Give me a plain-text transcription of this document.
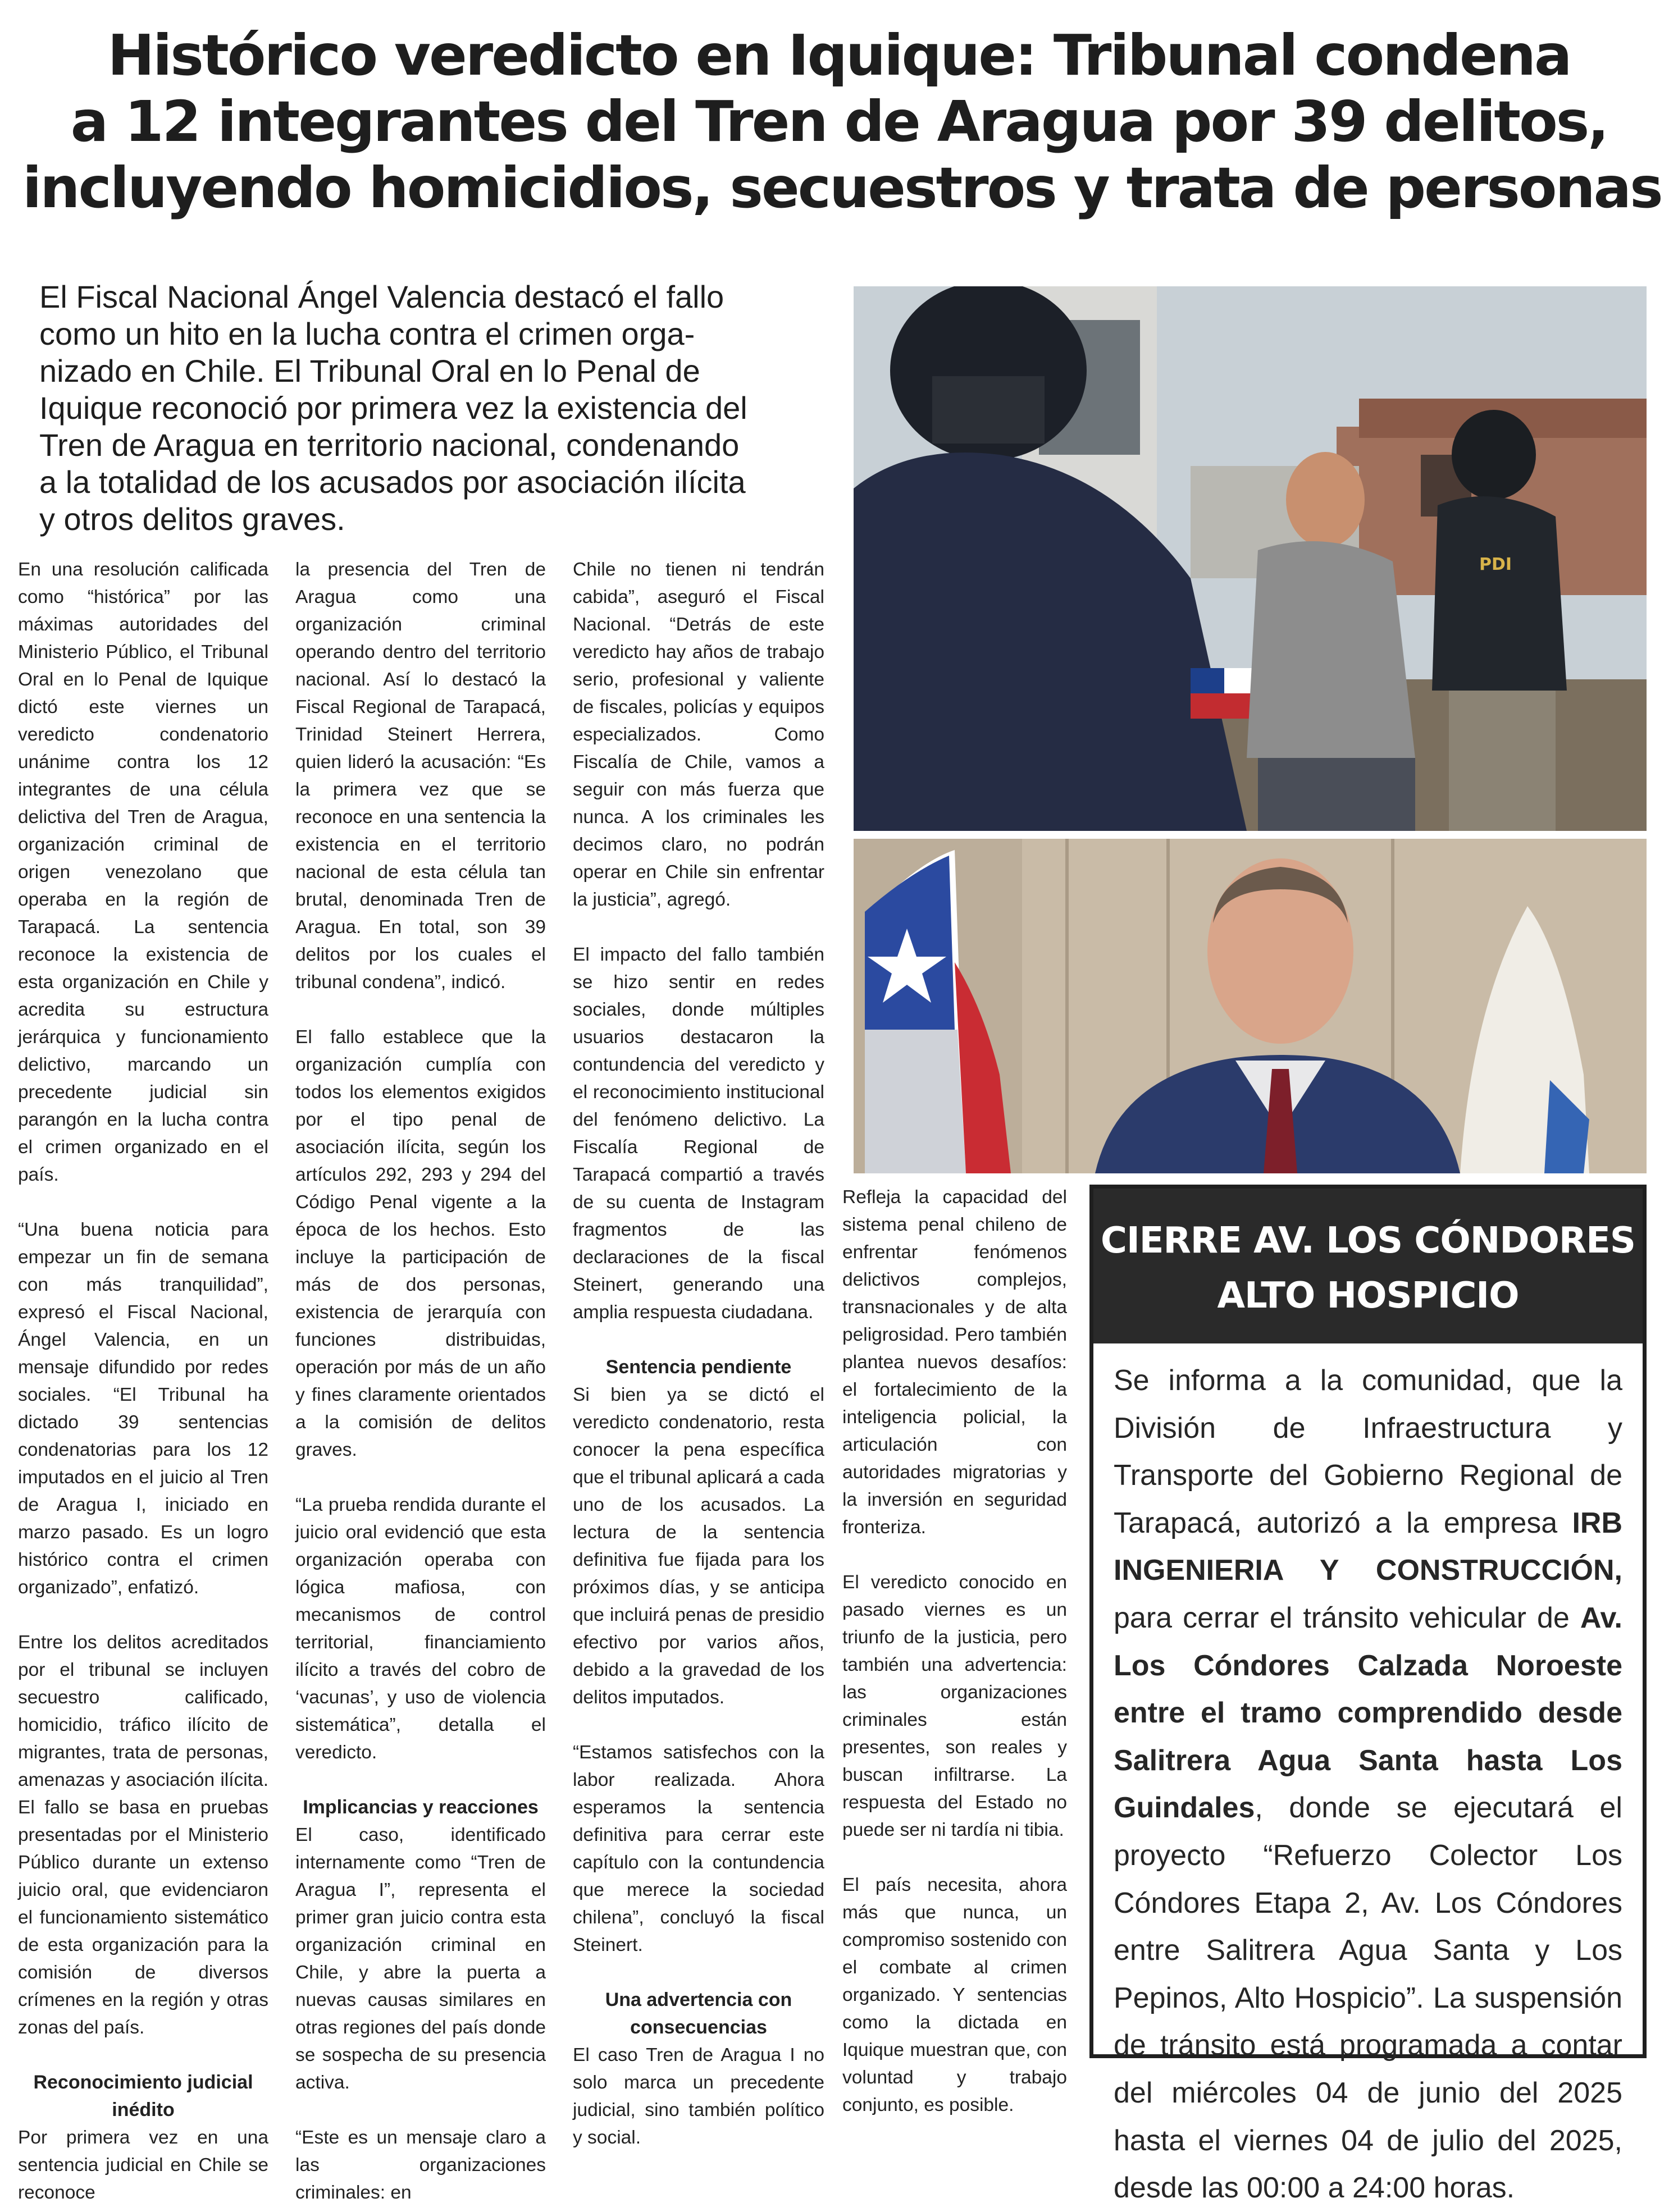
Histórico veredicto en Iquique: Tribunal condena
a 12 integrantes del Tren de Aragua por 39 delitos,
incluyendo homicidios, secuestros y trata de personas
El Fiscal Nacional Ángel Valencia destacó el fallo
como un hito en la lucha contra el crimen orga-
nizado en Chile. El Tribunal Oral en lo Penal de
Iquique reconoció por primera vez la existencia del
Tren de Aragua en territorio nacional, condenando
a la totalidad de los acusados por asociación ilícita
y otros delitos graves.

En una resolución calificada como “histórica” por las máximas autoridades del Ministerio Público, el Tribunal Oral en lo Penal de Iquique dictó este viernes un veredicto condenatorio unánime contra los 12 integrantes de una célula delictiva del Tren de Aragua, organización criminal de origen venezolano que operaba en la región de Tarapacá. La sentencia reconoce la existencia de esta organización en Chile y acredita su estructura jerárquica y funcionamiento delictivo, marcando un precedente judicial sin parangón en la lucha contra el crimen organizado en el país.

“Una buena noticia para empezar un fin de semana con más tranquilidad”, expresó el Fiscal Nacional, Ángel Valencia, en un mensaje difundido por redes sociales. “El Tribunal ha dictado 39 sentencias condenatorias para los 12 imputados en el juicio al Tren de Aragua I, iniciado en marzo pasado. Es un logro histórico contra el crimen organizado”, enfatizó.

Entre los delitos acreditados por el tribunal se incluyen secuestro calificado, homicidio, tráfico ilícito de migrantes, trata de personas, amenazas y asociación ilícita. El fallo se basa en pruebas presentadas por el Ministerio Público durante un extenso juicio oral, que evidenciaron el funcionamiento sistemático de esta organización para la comisión de diversos crímenes en la región y otras zonas del país.

Reconocimiento judicial inédito

Por primera vez en una sentencia judicial en Chile se reconoce

la presencia del Tren de Aragua como una organización criminal operando dentro del territorio nacional. Así lo destacó la Fiscal Regional de Tarapacá, Trinidad Steinert Herrera, quien lideró la acusación: “Es la primera vez que se reconoce en una sentencia la existencia en el territorio nacional de esta célula tan brutal, denominada Tren de Aragua. En total, son 39 delitos por los cuales el tribunal condena”, indicó.

El fallo establece que la organización cumplía con todos los elementos exigidos por el tipo penal de asociación ilícita, según los artículos 292, 293 y 294 del Código Penal vigente a la época de los hechos. Esto incluye la participación de más de dos personas, existencia de jerarquía con funciones distribuidas, operación por más de un año y fines claramente orientados a la comisión de delitos graves.

“La prueba rendida durante el juicio oral evidenció que esta organización operaba con lógica mafiosa, con mecanismos de control territorial, financiamiento ilícito a través del cobro de ‘vacunas’, y uso de violencia sistemática”, detalla el veredicto.

Implicancias y reacciones

El caso, identificado internamente como “Tren de Aragua I”, representa el primer gran juicio contra esta organización criminal en Chile, y abre la puerta a nuevas causas similares en otras regiones del país donde se sospecha de su presencia activa.

“Este es un mensaje claro a las organizaciones criminales: en

Chile no tienen ni tendrán cabida”, aseguró el Fiscal Nacional. “Detrás de este veredicto hay años de trabajo serio, profesional y valiente de fiscales, policías y equipos especializados. Como Fiscalía de Chile, vamos a seguir con más fuerza que nunca. A los criminales les decimos claro, no podrán operar en Chile sin enfrentar la justicia”, agregó.

El impacto del fallo también se hizo sentir en redes sociales, donde múltiples usuarios destacaron la contundencia del veredicto y el reconocimiento institucional del fenómeno delictivo. La Fiscalía Regional de Tarapacá compartió a través de su cuenta de Instagram fragmentos de las declaraciones de la fiscal Steinert, generando una amplia respuesta ciudadana.

Sentencia pendiente

Si bien ya se dictó el veredicto condenatorio, resta conocer la pena específica que el tribunal aplicará a cada uno de los acusados. La lectura de la sentencia definitiva fue fijada para los próximos días, y se anticipa que incluirá penas de presidio efectivo por varios años, debido a la gravedad de los delitos imputados.

“Estamos satisfechos con la labor realizada. Ahora esperamos la sentencia definitiva para cerrar este capítulo con la contundencia que merece la sociedad chilena”, concluyó la fiscal Steinert.

Una advertencia con consecuencias

El caso Tren de Aragua I no solo marca un precedente judicial, sino también político y social.

Refleja la capacidad del sistema penal chileno de enfrentar fenómenos delictivos complejos, transnacionales y de alta peligrosidad. Pero también plantea nuevos desafíos: el fortalecimiento de la inteligencia policial, la articulación con autoridades migratorias y la inversión en seguridad fronteriza.

El veredicto conocido en pasado viernes es un triunfo de la justicia, pero también una advertencia: las organizaciones criminales están presentes, son reales y buscan infiltrarse. La respuesta del Estado no puede ser ni tardía ni tibia.

El país necesita, ahora más que nunca, un compromiso sostenido con el combate al crimen organizado. Y sentencias como la dictada en Iquique muestran que, con voluntad y trabajo conjunto, es posible.

PDI
CIERRE AV. LOS CÓNDORES
ALTO HOSPICIO
Se informa a la comunidad, que la División de Infraestructura y Transporte del Gobierno Regional de Tarapacá, autorizó a la empresa IRB INGENIERIA Y CONSTRUCCIÓN, para cerrar el tránsito vehicular de Av. Los Cóndores Calzada Noroeste entre el tramo comprendido desde Salitrera Agua Santa hasta Los Guindales, donde se ejecutará el proyecto “Refuerzo Colector Los Cóndores Etapa 2, Av. Los Cóndores entre Salitrera Agua Santa y Los Pepinos, Alto Hospicio”. La suspensión de tránsito está programada a contar del miércoles 04 de junio del 2025 hasta el viernes 04 de julio del 2025, desde las 00:00 a 24:00 horas.
